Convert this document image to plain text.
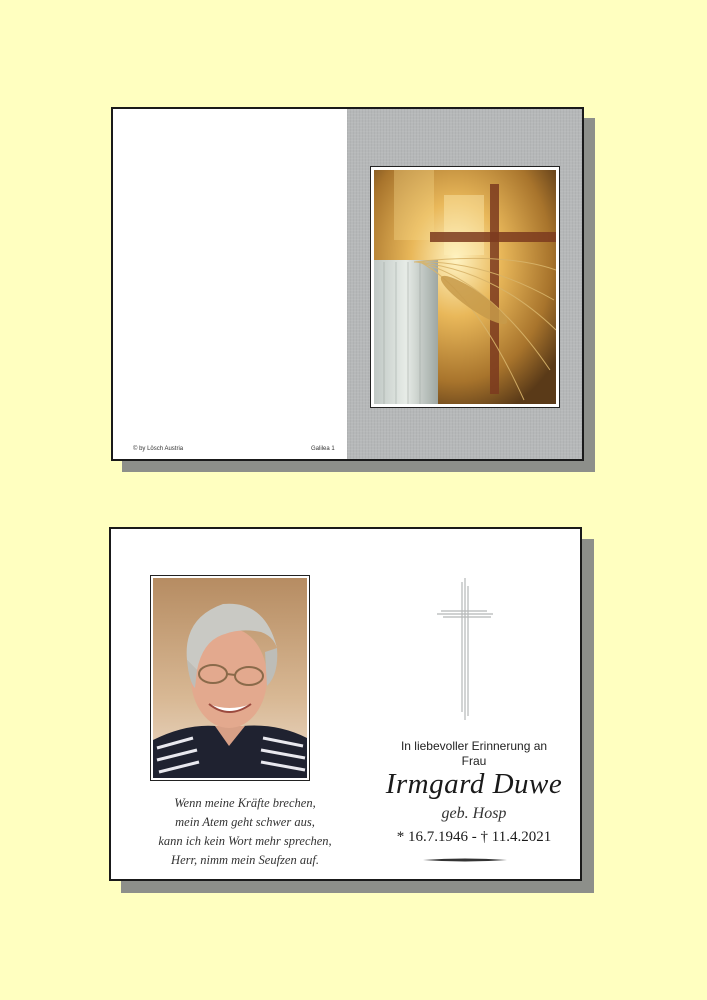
© by Lösch Austria	Galilea 1
Wenn meine Kräfte brechen,
mein Atem geht schwer aus,
kann ich kein Wort mehr sprechen,
Herr, nimm mein Seufzen auf.
In liebevoller Erinnerung an
Frau
Irmgard Duwe
geb. Hosp
* 16.7.1946 - † 11.4.2021
